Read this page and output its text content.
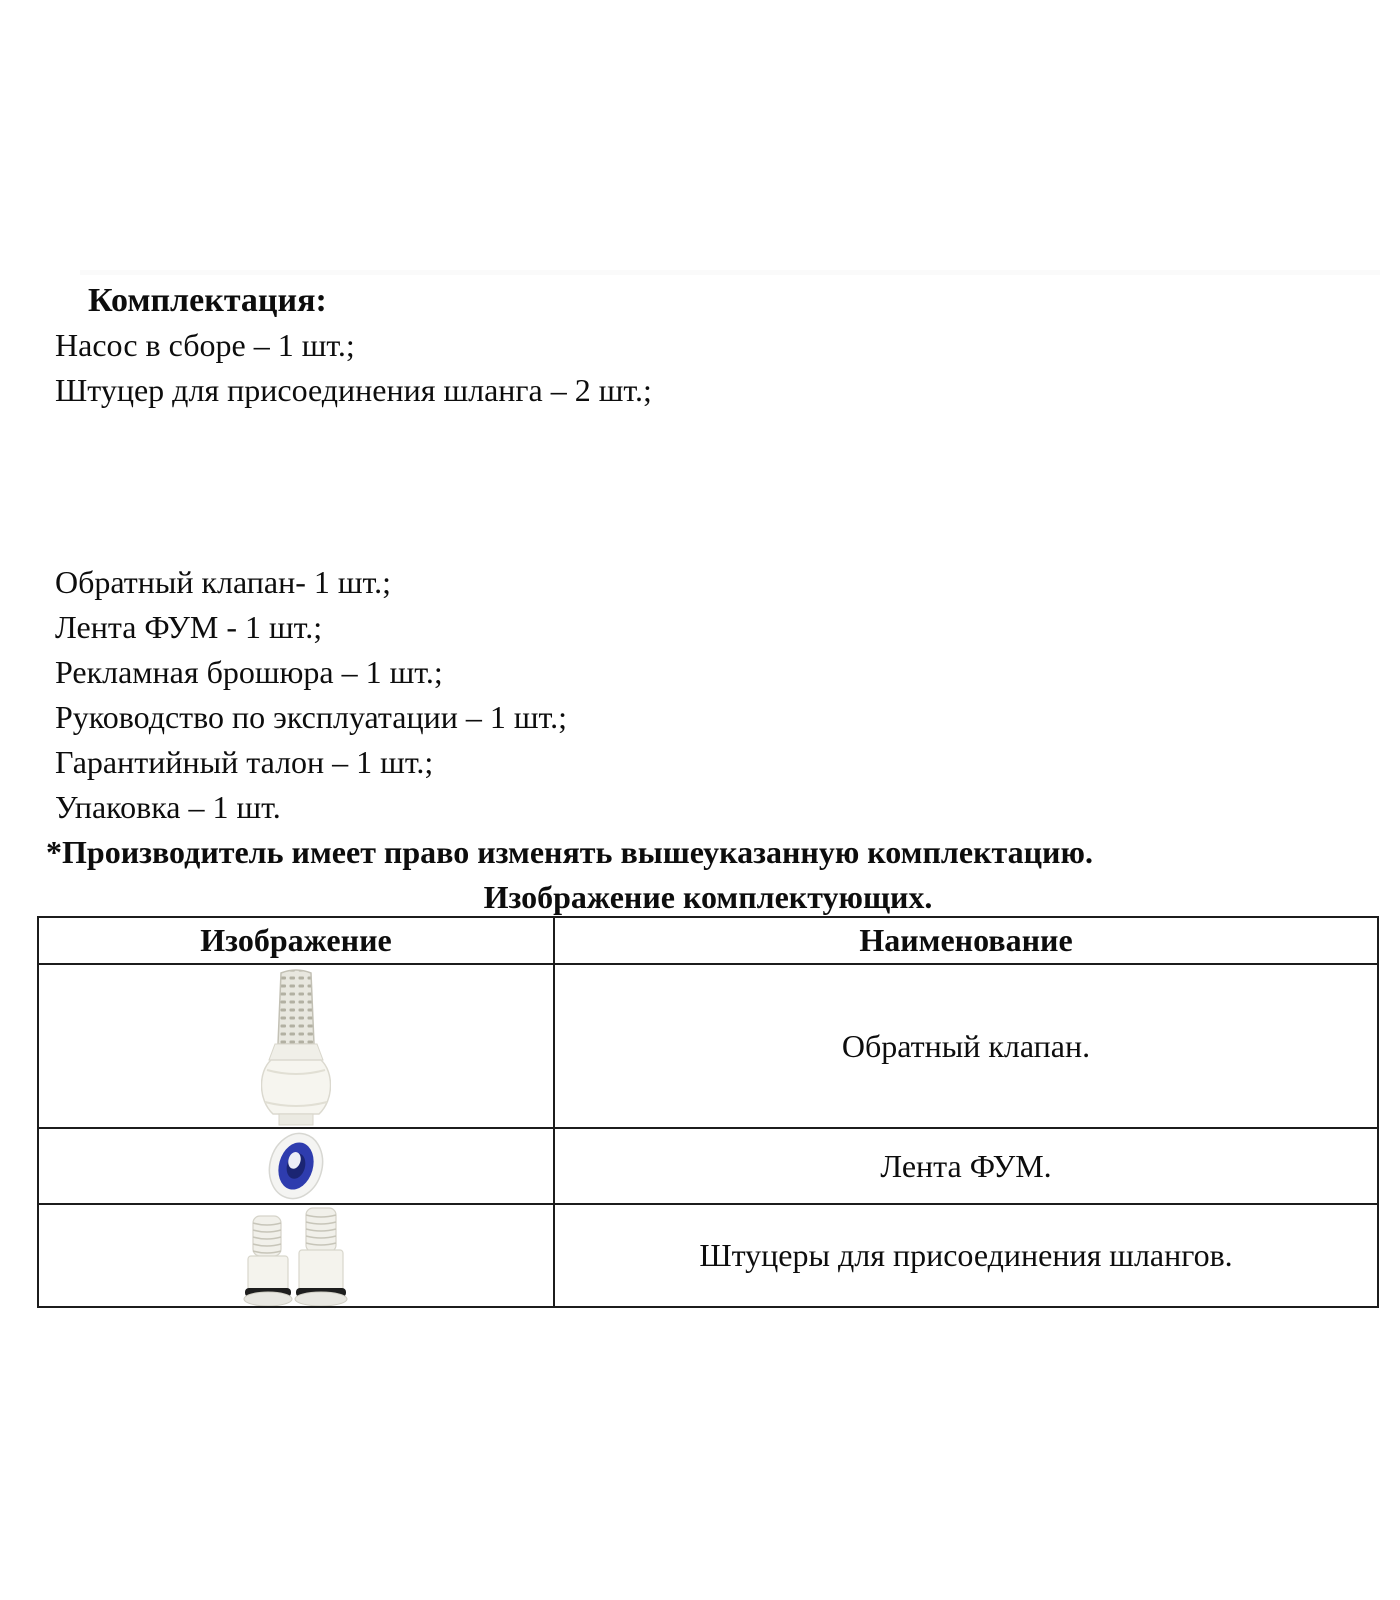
Комплектация:
Насос в сборе – 1 шт.;
Штуцер для присоединения шланга – 2 шт.;
Обратный клапан- 1 шт.;
Лента ФУМ - 1 шт.;
Рекламная брошюра – 1 шт.;
Руководство по эксплуатации – 1 шт.;
Гарантийный талон – 1 шт.;
Упаковка – 1 шт.
*Производитель имеет право изменять вышеуказанную комплектацию.
Изображение комплектующих.
Изображение	Наименование
Обратный клапан.
Лента ФУМ.
Штуцеры для присоединения шлангов.
